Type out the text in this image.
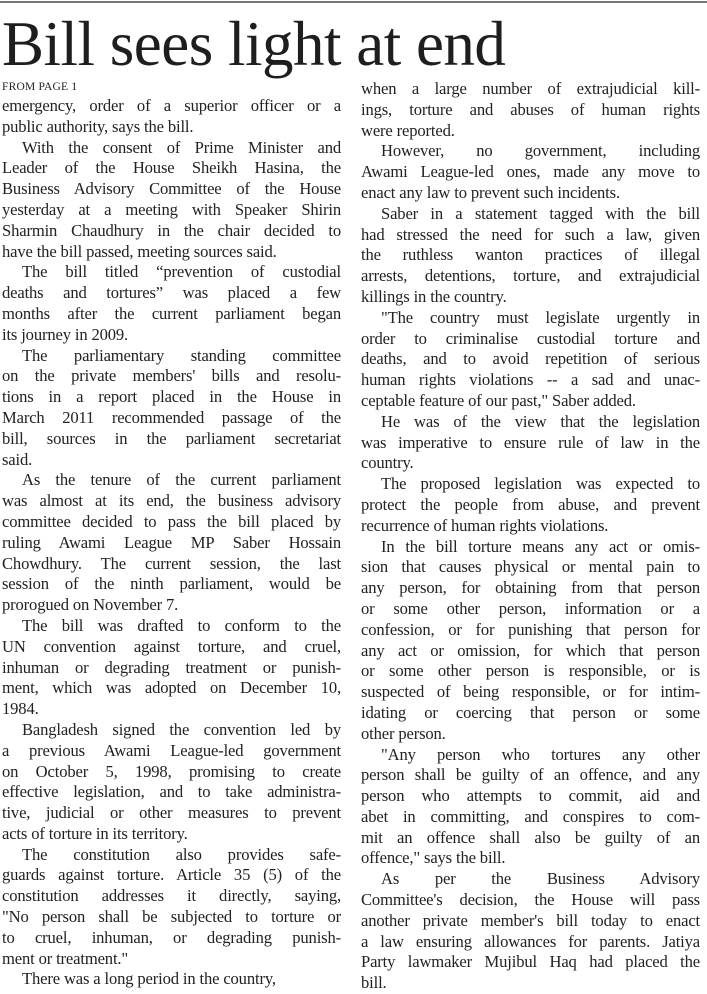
Bill sees light at end
FROM PAGE 1
emergency, order of a superior officer or a
public authority, says the bill.
With the consent of Prime Minister and
Leader of the House Sheikh Hasina, the
Business Advisory Committee of the House
yesterday at a meeting with Speaker Shirin
Sharmin Chaudhury in the chair decided to
have the bill passed, meeting sources said.
The bill titled “prevention of custodial
deaths and tortures” was placed a few
months after the current parliament began
its journey in 2009.
The parliamentary standing committee
on the private members' bills and resolu-
tions in a report placed in the House in
March 2011 recommended passage of the
bill, sources in the parliament secretariat
said.
As the tenure of the current parliament
was almost at its end, the business advisory
committee decided to pass the bill placed by
ruling Awami League MP Saber Hossain
Chowdhury. The current session, the last
session of the ninth parliament, would be
prorogued on November 7.
The bill was drafted to conform to the
UN convention against torture, and cruel,
inhuman or degrading treatment or punish-
ment, which was adopted on December 10,
1984.
Bangladesh signed the convention led by
a previous Awami League-led government
on October 5, 1998, promising to create
effective legislation, and to take administra-
tive, judicial or other measures to prevent
acts of torture in its territory.
The constitution also provides safe-
guards against torture. Article 35 (5) of the
constitution addresses it directly, saying,
"No person shall be subjected to torture or
to cruel, inhuman, or degrading punish-
ment or treatment."
There was a long period in the country,
when a large number of extrajudicial kill-
ings, torture and abuses of human rights
were reported.
However, no government, including
Awami League-led ones, made any move to
enact any law to prevent such incidents.
Saber in a statement tagged with the bill
had stressed the need for such a law, given
the ruthless wanton practices of illegal
arrests, detentions, torture, and extrajudicial
killings in the country.
"The country must legislate urgently in
order to criminalise custodial torture and
deaths, and to avoid repetition of serious
human rights violations -- a sad and unac-
ceptable feature of our past," Saber added.
He was of the view that the legislation
was imperative to ensure rule of law in the
country.
The proposed legislation was expected to
protect the people from abuse, and prevent
recurrence of human rights violations.
In the bill torture means any act or omis-
sion that causes physical or mental pain to
any person, for obtaining from that person
or some other person, information or a
confession, or for punishing that person for
any act or omission, for which that person
or some other person is responsible, or is
suspected of being responsible, or for intim-
idating or coercing that person or some
other person.
"Any person who tortures any other
person shall be guilty of an offence, and any
person who attempts to commit, aid and
abet in committing, and conspires to com-
mit an offence shall also be guilty of an
offence," says the bill.
As per the Business Advisory
Committee's decision, the House will pass
another private member's bill today to enact
a law ensuring allowances for parents. Jatiya
Party lawmaker Mujibul Haq had placed the
bill.
